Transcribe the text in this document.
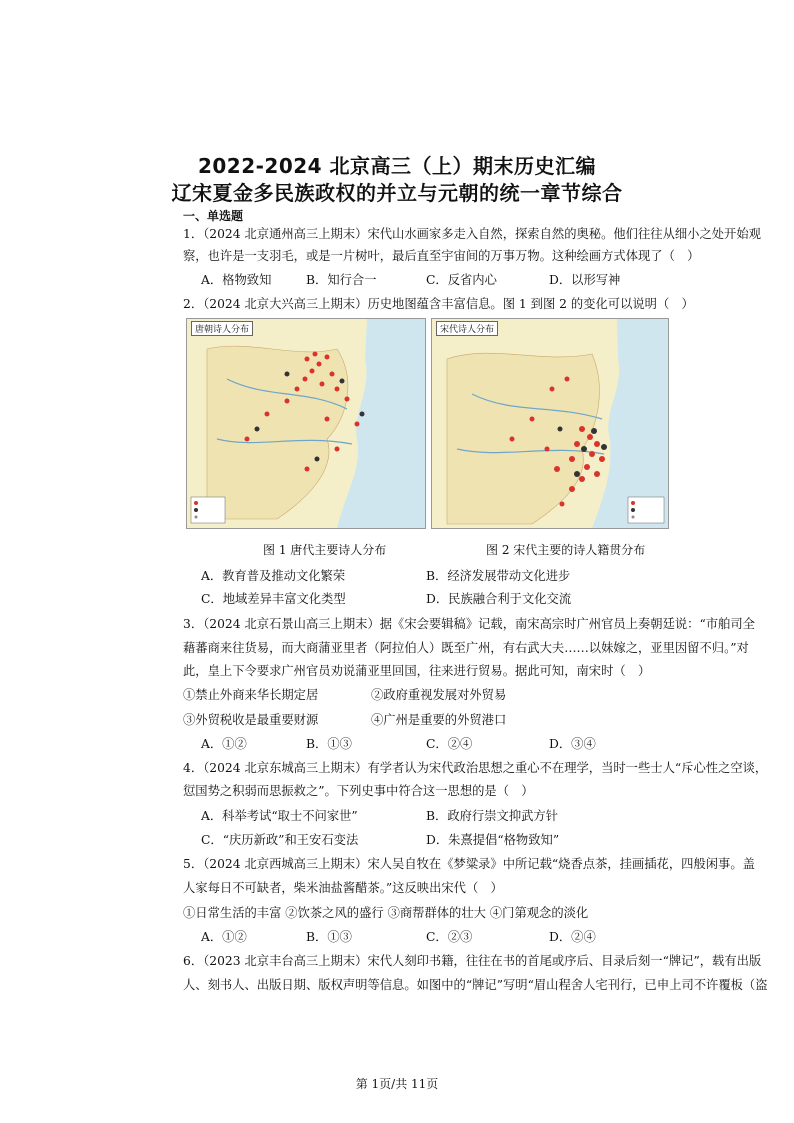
2022-2024 北京高三（上）期末历史汇编
辽宋夏金多民族政权的并立与元朝的统一章节综合
一、单选题
1．（2024 北京通州高三上期末）宋代山水画家多走入自然，探索自然的奥秘。他们往往从细小之处开始观
察，也许是一支羽毛，或是一片树叶，最后直至宇宙间的万事万物。这种绘画方式体现了（　）
A．格物致知	B．知行合一	C．反省内心	D．以形写神
2．（2024 北京大兴高三上期末）历史地图蕴含丰富信息。图 1 到图 2 的变化可以说明（　）
唐朝诗人分布	宋代诗人分布
图 1 唐代主要诗人分布	图 2 宋代主要的诗人籍贯分布
A．教育普及推动文化繁荣	B．经济发展带动文化进步
C．地域差异丰富文化类型	D．民族融合利于文化交流
3．（2024 北京石景山高三上期末）据《宋会要辑稿》记载，南宋高宗时广州官员上奏朝廷说：“市舶司全
藉蕃商来往货易，而大商蒲亚里者（阿拉伯人）既至广州，有右武大夫……以妹嫁之，亚里因留不归。”对
此，皇上下令要求广州官员劝说蒲亚里回国，往来进行贸易。据此可知，南宋时（　）
①禁止外商来华长期定居	②政府重视发展对外贸易
③外贸税收是最重要财源	④广州是重要的外贸港口
A．①②	B．①③	C．②④	D．③④
4．（2024 北京东城高三上期末）有学者认为宋代政治思想之重心不在理学，当时一些士人“斥心性之空谈，
愆国势之积弱而思振救之”。下列史事中符合这一思想的是（　）
A．科举考试“取士不问家世”	B．政府行崇文抑武方针
C．“庆历新政”和王安石变法	D．朱熹提倡“格物致知”
5．（2024 北京西城高三上期末）宋人吴自牧在《梦粱录》中所记载“烧香点茶，挂画插花，四般闲事。盖
人家每日不可缺者，柴米油盐酱醋茶。”这反映出宋代（　）
①日常生活的丰富 ②饮茶之风的盛行 ③商帮群体的壮大 ④门第观念的淡化
A．①②	B．①③	C．②③	D．②④
6．（2023 北京丰台高三上期末）宋代人刻印书籍，往往在书的首尾或序后、目录后刻一“牌记”，载有出版
人、刻书人、出版日期、版权声明等信息。如图中的“牌记”写明“眉山程舍人宅刊行，已申上司不许覆板（盗
第 1页/共 11页
